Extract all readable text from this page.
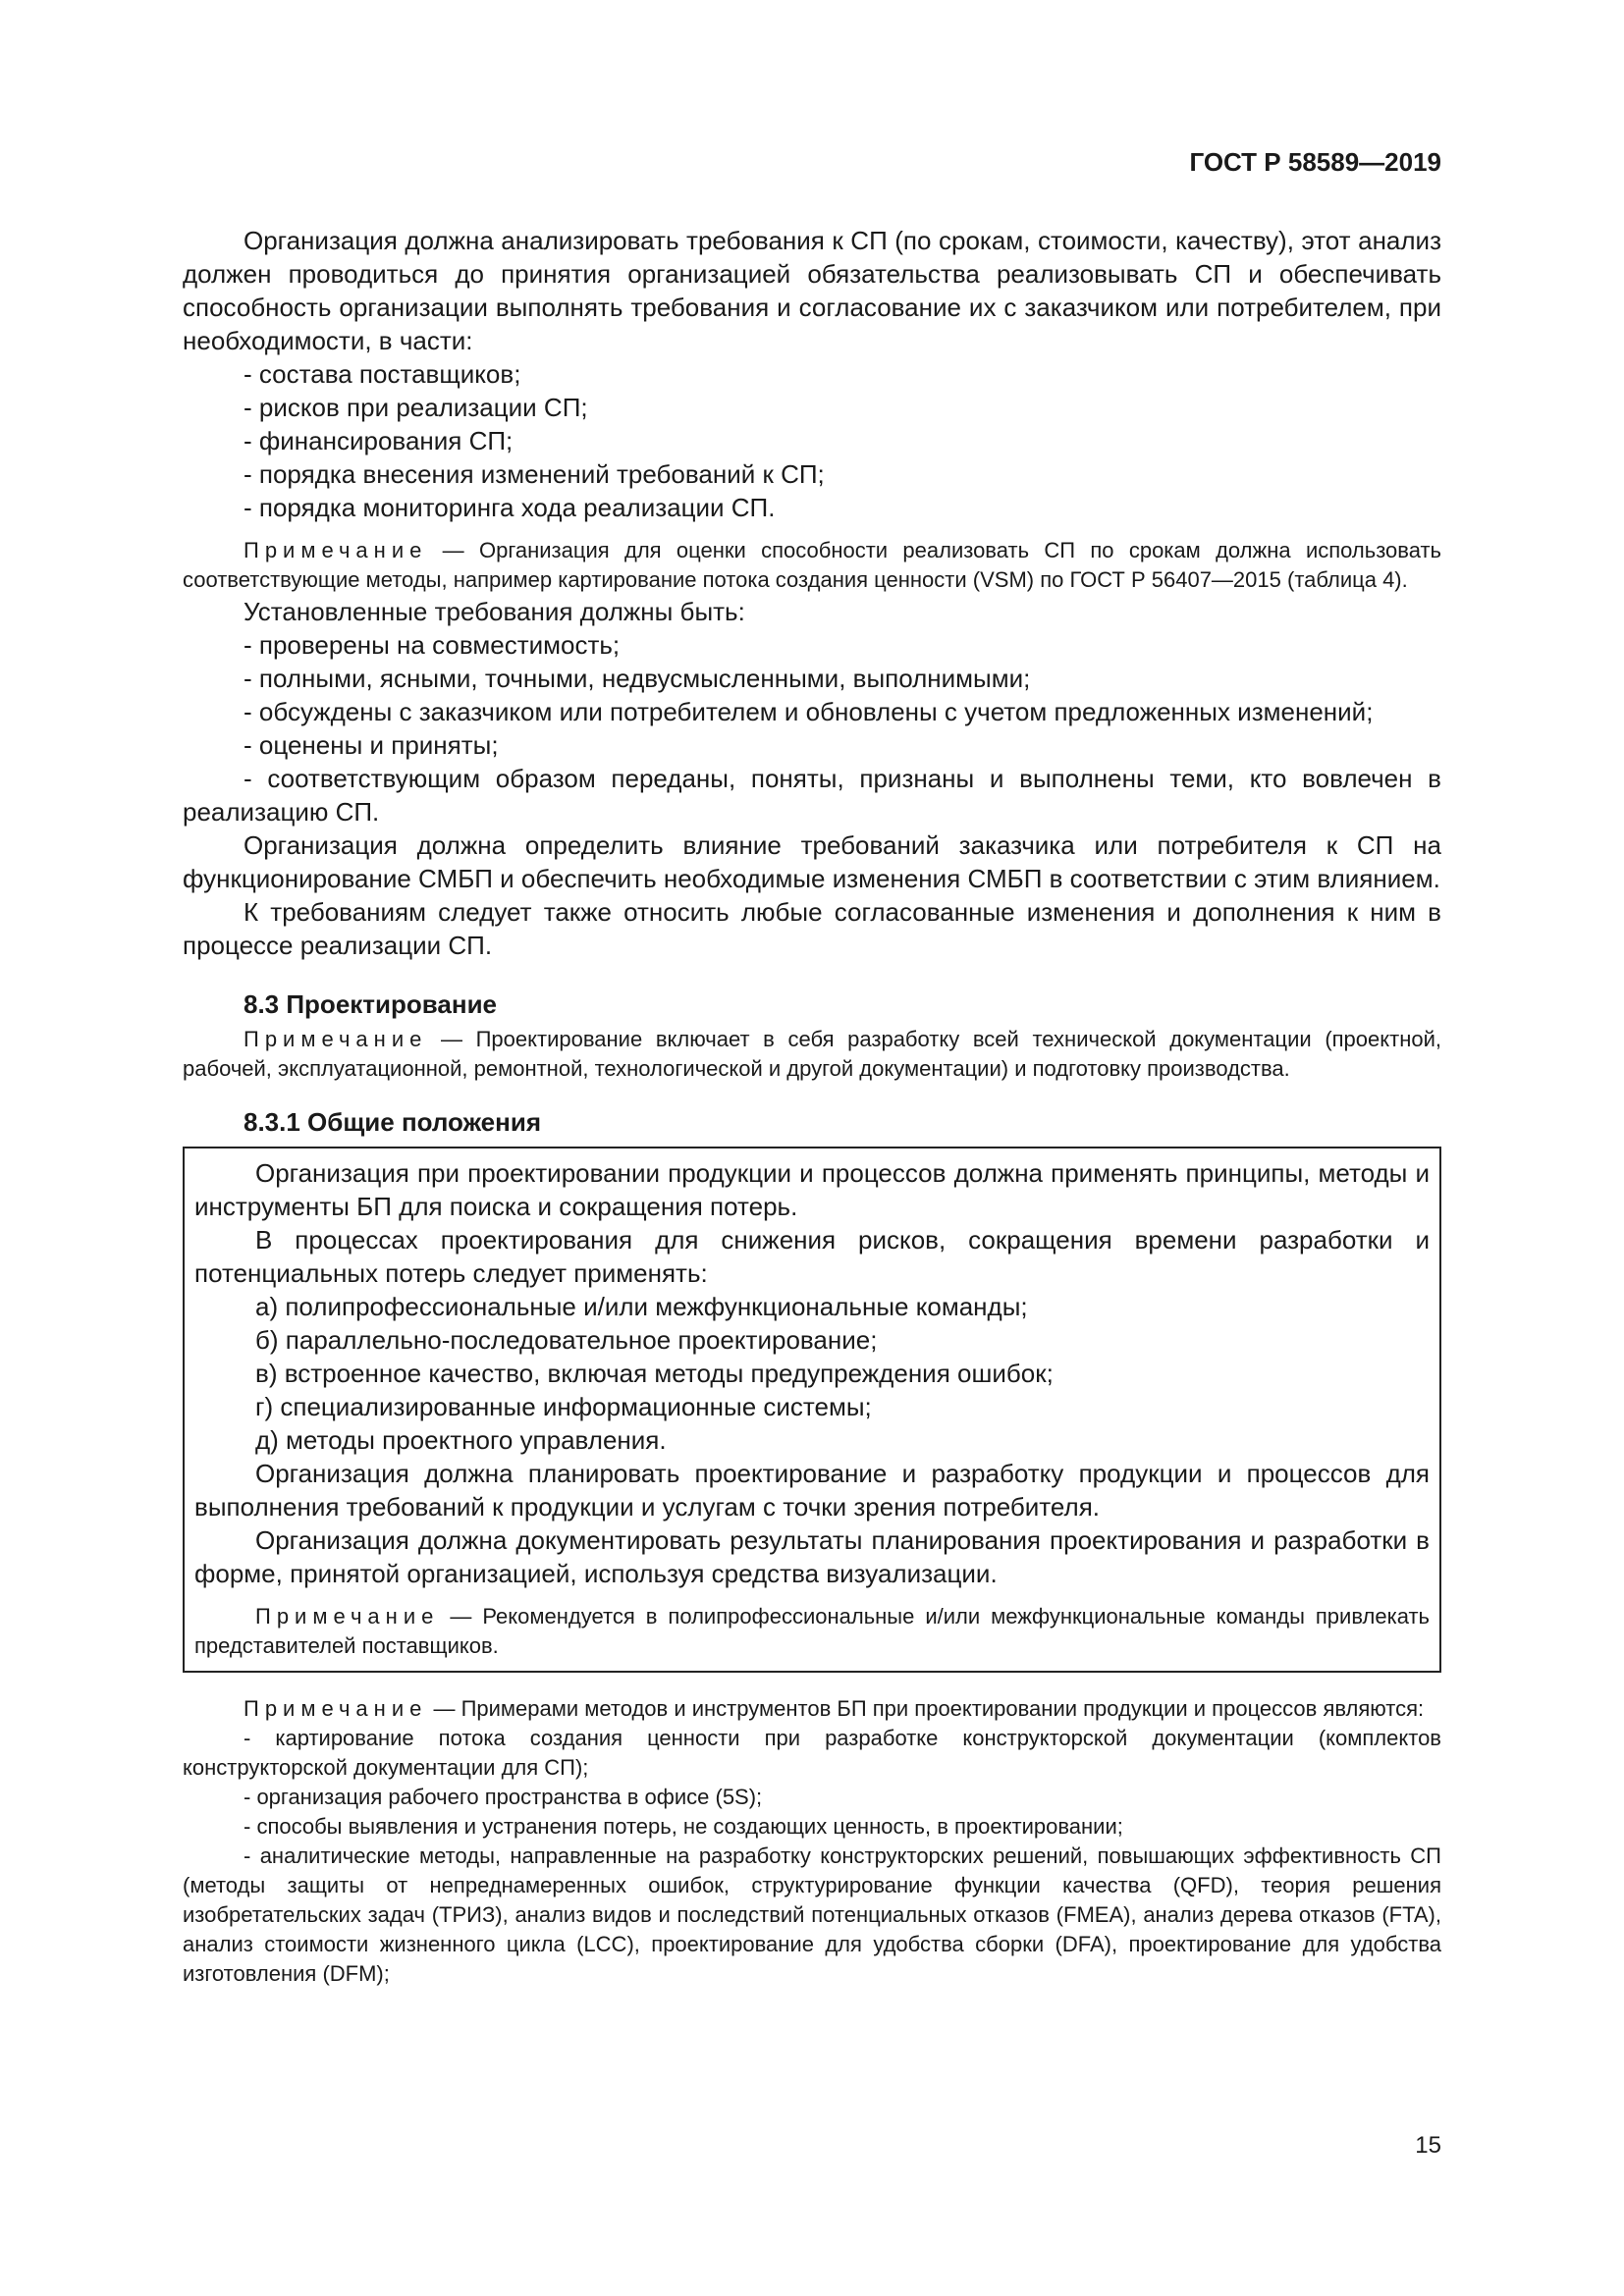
ГОСТ Р 58589—2019

Организация должна анализировать требования к СП (по срокам, стоимости, качеству), этот анализ должен проводиться до принятия организацией обязательства реализовывать СП и обеспечивать способность организации выполнять требования и согласование их с заказчиком или потребителем, при необходимости, в части:

- состава поставщиков;

- рисков при реализации СП;

- финансирования СП;

- порядка внесения изменений требований к СП;

- порядка мониторинга хода реализации СП.

Примечание — Организация для оценки способности реализовать СП по срокам должна использовать соответствующие методы, например картирование потока создания ценности (VSM) по ГОСТ Р 56407—2015 (таблица 4).

Установленные требования должны быть:

- проверены на совместимость;

- полными, ясными, точными, недвусмысленными, выполнимыми;

- обсуждены с заказчиком или потребителем и обновлены с учетом предложенных изменений;

- оценены и приняты;

- соответствующим образом переданы, поняты, признаны и выполнены теми, кто вовлечен в реализацию СП.

Организация должна определить влияние требований заказчика или потребителя к СП на функционирование СМБП и обеспечить необходимые изменения СМБП в соответствии с этим влиянием.

К требованиям следует также относить любые согласованные изменения и дополнения к ним в процессе реализации СП.

8.3 Проектирование

Примечание — Проектирование включает в себя разработку всей технической документации (проектной, рабочей, эксплуатационной, ремонтной, технологической и другой документации) и подготовку производства.

8.3.1 Общие положения

Организация при проектировании продукции и процессов должна применять принципы, методы и инструменты БП для поиска и сокращения потерь.

В процессах проектирования для снижения рисков, сокращения времени разработки и потенциальных потерь следует применять:

а) полипрофессиональные и/или межфункциональные команды;

б) параллельно-последовательное проектирование;

в) встроенное качество, включая методы предупреждения ошибок;

г) специализированные информационные системы;

д) методы проектного управления.

Организация должна планировать проектирование и разработку продукции и процессов для выполнения требований к продукции и услугам с точки зрения потребителя.

Организация должна документировать результаты планирования проектирования и разработки в форме, принятой организацией, используя средства визуализации.

Примечание — Рекомендуется в полипрофессиональные и/или межфункциональные команды привлекать представителей поставщиков.

Примечание — Примерами методов и инструментов БП при проектировании продукции и процессов являются:

- картирование потока создания ценности при разработке конструкторской документации (комплектов конструкторской документации для СП);

- организация рабочего пространства в офисе (5S);

- способы выявления и устранения потерь, не создающих ценность, в проектировании;

- аналитические методы, направленные на разработку конструкторских решений, повышающих эффективность СП (методы защиты от непреднамеренных ошибок, структурирование функции качества (QFD), теория решения изобретательских задач (ТРИЗ), анализ видов и последствий потенциальных отказов (FMEA), анализ дерева отказов (FTA), анализ стоимости жизненного цикла (LCC), проектирование для удобства сборки (DFA), проектирование для удобства изготовления (DFM);

15
